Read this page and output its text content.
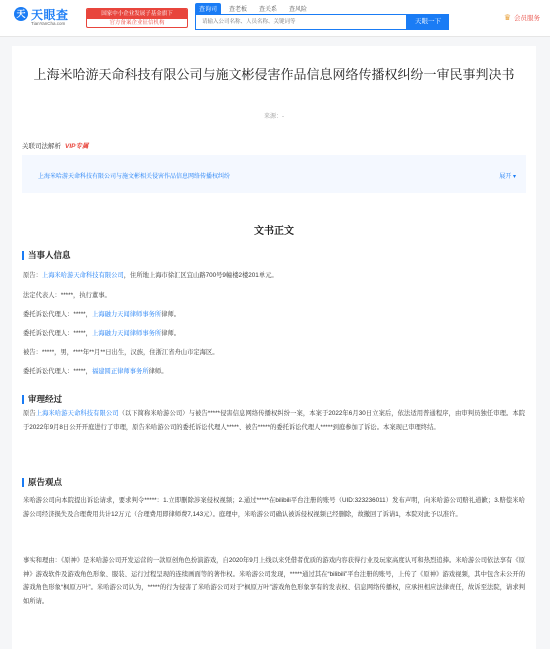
天 天眼查
TianYanCha.com
国家中小企业发展子基金旗下
官方备案企业征信机构
查询司	查老板	查关系	查风险
请输入公司名称、人员名称、关键词等
天眼一下	♛ 会员服务
上海米哈游天命科技有限公司与施文彬侵害作品信息网络传播权纠纷一审民事判决书
来源：-
关联司法解析 VIP专属
上海米哈游天命科技有限公司与施文彬相关侵害作品信息网络传播权纠纷	展开 ▾
文书正文
当事人信息
原告：上海米哈游天命科技有限公司，住所地上海市徐汇区宜山路700号9幢楼2楼201单元。
法定代表人：*****，执行董事。
委托诉讼代理人：*****，上海融力天闻律师事务所律师。
委托诉讼代理人：*****，上海融力天闻律师事务所律师。
被告：*****，男，****年**月**日出生，汉族，住浙江省舟山市定海区。
委托诉讼代理人：*****，福建圆正律师事务所律师。
审理经过
原告上海米哈游天命科技有限公司（以下简称米哈游公司）与被告*****侵害信息网络传播权纠纷一案，本案于2022年6月30日立案后，依法适用普通程序，由审判员独任审理。本院于2022年9月8日公开开庭进行了审理，原告米哈游公司的委托诉讼代理人*****、被告*****的委托诉讼代理人*****到庭参加了诉讼。本案现已审理终结。
原告观点
米哈游公司向本院提出诉讼请求，要求判令*****：1.立即删除涉案侵权视频；2.通过*****在bilibili平台注册的账号（UID:323236011）发布声明，向米哈游公司赔礼道歉；3.赔偿米哈游公司经济损失及合理费用共计12万元（合理费用即律师费7,143元）。庭理中，米哈游公司确认被诉侵权视频已经删除，故撤回了诉请1，本院对此予以准许。
事实和理由：《原神》是米哈游公司开发运营的一款原创角色扮演游戏，自2020年9月上线以来凭借者优质的游戏内容获得行业及玩家高度认可和热烈追捧。米哈游公司依法享有《原神》游戏软件及游戏角色形象、服装、运行过程呈现的连续画面等的著作权。米哈游公司发现，*****通过其在“bilibili”平台注册的账号，上传了《原神》游戏视频，其中包含未公开的游戏角色形象“枫原万叶”。米哈游公司认为，*****的行为侵害了米哈游公司对于“枫原万叶”游戏角色形象享有的发表权、信息网络传播权，应承担相应法律责任，故诉至法院，请求判如所请。
